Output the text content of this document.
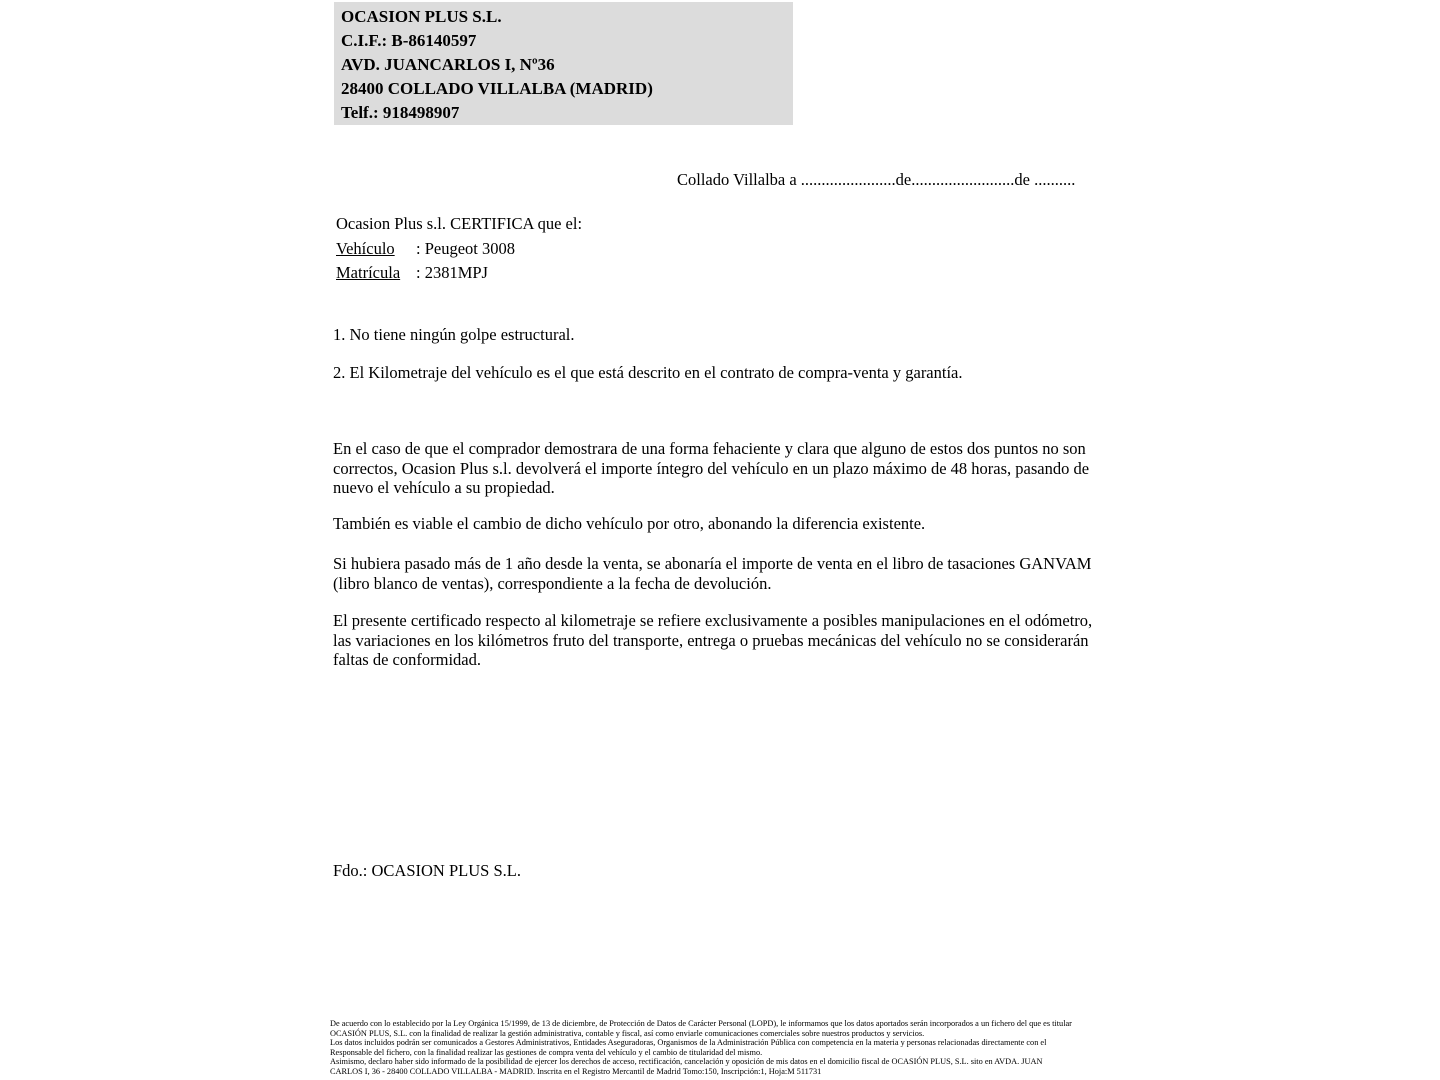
OCASION PLUS S.L.
C.I.F.: B-86140597
AVD. JUANCARLOS I, Nº36
28400 COLLADO VILLALBA (MADRID)
Telf.: 918498907
Collado Villalba a .......................de.........................de ..........
Ocasion Plus s.l. CERTIFICA que el:
Vehículo : Peugeot 3008
Matrícula : 2381MPJ
1. No tiene ningún golpe estructural.
2. El Kilometraje del vehículo es el que está descrito en el contrato de compra-venta y garantía.
En el caso de que el comprador demostrara de una forma fehaciente y clara que alguno de estos dos puntos no son correctos, Ocasion Plus s.l. devolverá el importe íntegro del vehículo en un plazo máximo de 48 horas, pasando de nuevo el vehículo a su propiedad.
También es viable el cambio de dicho vehículo por otro, abonando la diferencia existente.
Si hubiera pasado más de 1 año desde la venta, se abonaría el importe de venta en el libro de tasaciones GANVAM (libro blanco de ventas), correspondiente a la fecha de devolución.
El presente certificado respecto al kilometraje se refiere exclusivamente a posibles manipulaciones en el odómetro, las variaciones en los kilómetros fruto del transporte, entrega o pruebas mecánicas del vehículo no se considerarán faltas de conformidad.
Fdo.: OCASION PLUS S.L.
De acuerdo con lo establecido por la Ley Orgánica 15/1999, de 13 de diciembre, de Protección de Datos de Carácter Personal (LOPD), le informamos que los datos aportados serán incorporados a un fichero del que es titular
OCASIÓN PLUS, S.L. con la finalidad de realizar la gestión administrativa, contable y fiscal, así como enviarle comunicaciones comerciales sobre nuestros productos y servicios.
Los datos incluidos podrán ser comunicados a Gestores Administrativos, Entidades Aseguradoras, Organismos de la Administración Pública con competencia en la materia y personas relacionadas directamente con el
Responsable del fichero, con la finalidad realizar las gestiones de compra venta del vehículo y el cambio de titularidad del mismo.
Asimismo, declaro haber sido informado de la posibilidad de ejercer los derechos de acceso, rectificación, cancelación y oposición de mis datos en el domicilio fiscal de OCASIÓN PLUS, S.L. sito en AVDA. JUAN
CARLOS I, 36 - 28400 COLLADO VILLALBA - MADRID. Inscrita en el Registro Mercantil de Madrid Tomo:150, Inscripción:1, Hoja:M 511731
